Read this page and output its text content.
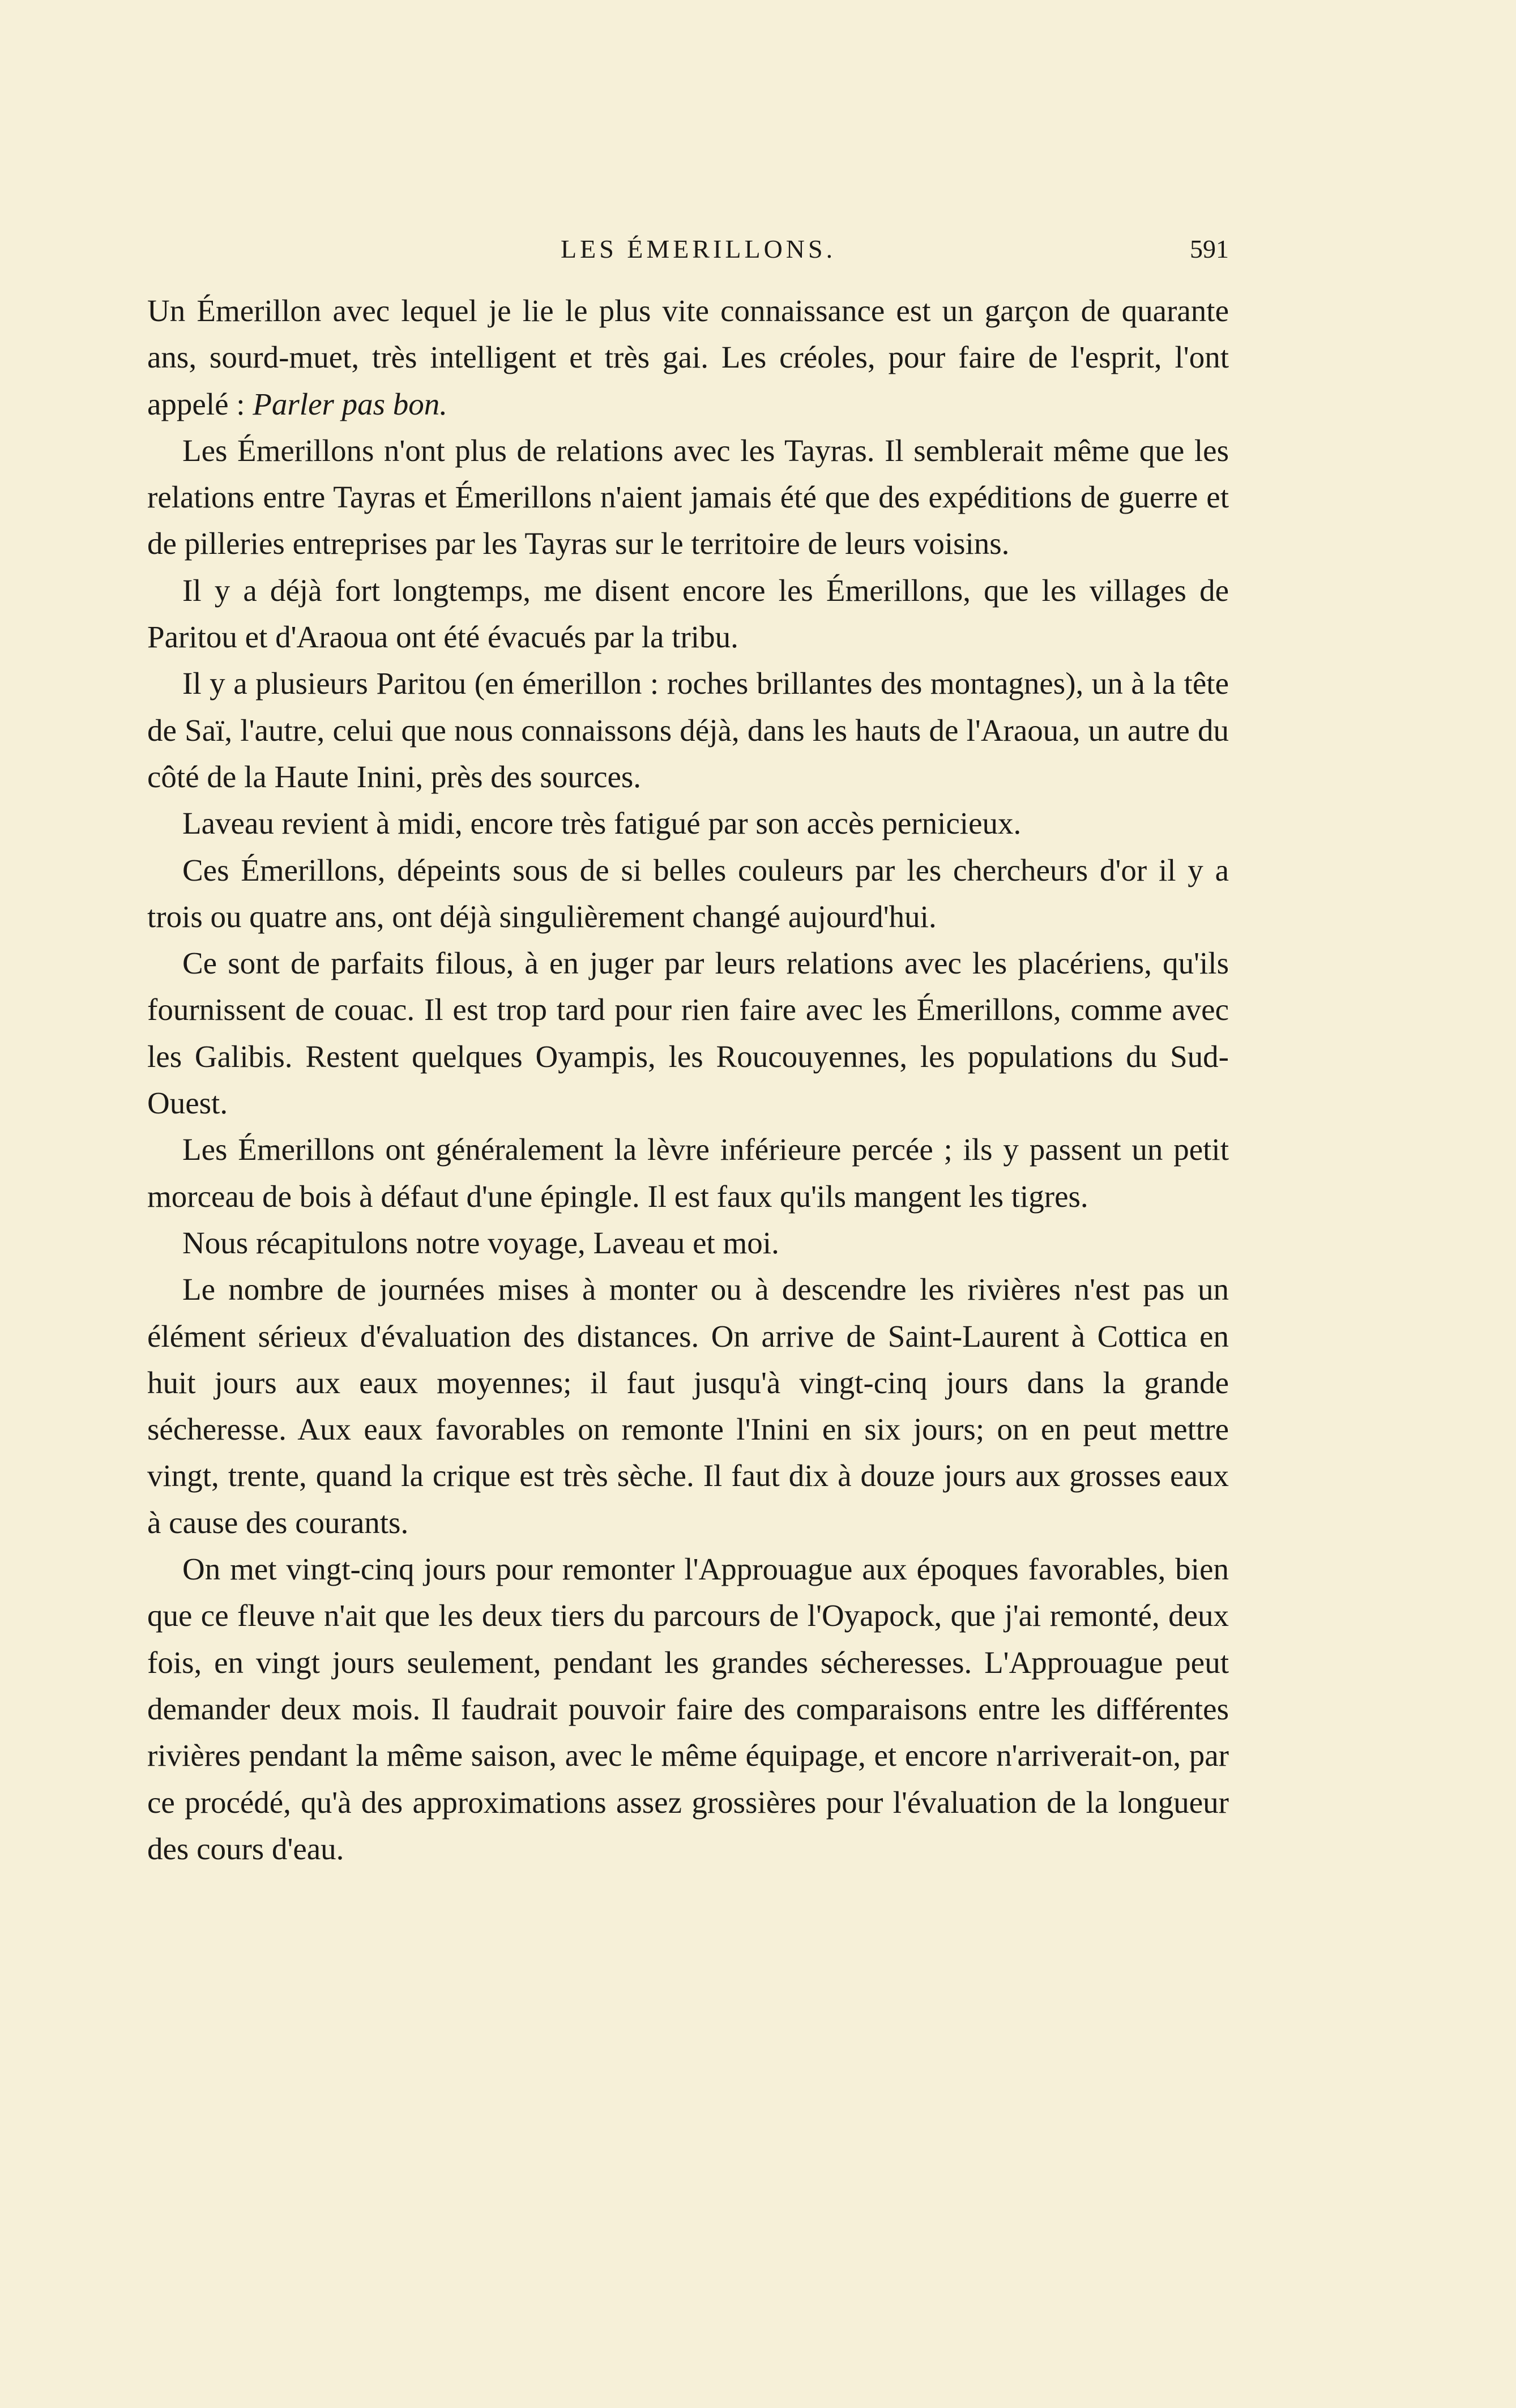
LES ÉMERILLONS.	591

Un Émerillon avec lequel je lie le plus vite connaissance est un garçon de quarante ans, sourd-muet, très intelligent et très gai. Les créoles, pour faire de l'esprit, l'ont appelé : Parler pas bon.

Les Émerillons n'ont plus de relations avec les Tayras. Il semblerait même que les relations entre Tayras et Émerillons n'aient jamais été que des expéditions de guerre et de pilleries entreprises par les Tayras sur le territoire de leurs voisins.

Il y a déjà fort longtemps, me disent encore les Émerillons, que les villages de Paritou et d'Araoua ont été évacués par la tribu.

Il y a plusieurs Paritou (en émerillon : roches brillantes des montagnes), un à la tête de Saï, l'autre, celui que nous connaissons déjà, dans les hauts de l'Araoua, un autre du côté de la Haute Inini, près des sources.

Laveau revient à midi, encore très fatigué par son accès pernicieux.

Ces Émerillons, dépeints sous de si belles couleurs par les chercheurs d'or il y a trois ou quatre ans, ont déjà singulièrement changé aujourd'hui.

Ce sont de parfaits filous, à en juger par leurs relations avec les placériens, qu'ils fournissent de couac. Il est trop tard pour rien faire avec les Émerillons, comme avec les Galibis. Restent quelques Oyampis, les Roucouyennes, les populations du Sud-Ouest.

Les Émerillons ont généralement la lèvre inférieure percée ; ils y passent un petit morceau de bois à défaut d'une épingle. Il est faux qu'ils mangent les tigres.

Nous récapitulons notre voyage, Laveau et moi.

Le nombre de journées mises à monter ou à descendre les rivières n'est pas un élément sérieux d'évaluation des distances. On arrive de Saint-Laurent à Cottica en huit jours aux eaux moyennes; il faut jusqu'à vingt-cinq jours dans la grande sécheresse. Aux eaux favorables on remonte l'Inini en six jours; on en peut mettre vingt, trente, quand la crique est très sèche. Il faut dix à douze jours aux grosses eaux à cause des courants.

On met vingt-cinq jours pour remonter l'Approuague aux époques favorables, bien que ce fleuve n'ait que les deux tiers du parcours de l'Oyapock, que j'ai remonté, deux fois, en vingt jours seulement, pendant les grandes sécheresses. L'Approuague peut demander deux mois. Il faudrait pouvoir faire des comparaisons entre les différentes rivières pendant la même saison, avec le même équipage, et encore n'arriverait-on, par ce procédé, qu'à des approximations assez grossières pour l'évaluation de la longueur des cours d'eau.
